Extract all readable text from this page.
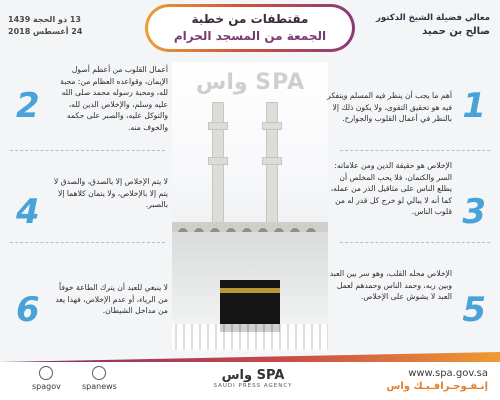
13 ذو الحجة 1439
24 أغسطس 2018
مقتطفات من خطبة
الجمعة من المسجد الحرام
معالي فضيلة الشيخ الدكتور
صالح بن حميد
واس SPA
1
أهم ما يجب أن ينظر فيه المسلم ويتفكر فيه هو تحقيق التقوى، ولا يكون ذلك إلا بالنظر في أعمال القلوب والجوارح.
3
الإخلاص هو حقيقة الدين ومن علاماته: السر والكتمان، فلا يحب المخلص أن يطلع الناس على مثاقيل الذر من عمله، كما أنه لا يبالي لو خرج كل قدر له من قلوب الناس.
5
الإخلاص محله القلب، وهو سر بين العبد وبين ربه، وحمد الناس وحمدهم لعمل العبد لا يشوش على الإخلاص.
2
أعمال القلوب من أعظم أصول الإيمان، وقواعده العظام من: محبة لله، ومحبة رسوله محمد صلى الله عليه وسلم، والإخلاص الدين لله، والتوكل عليه، والصبر على حكمه والخوف منه.
4
لا يتم الإخلاص إلا بالصدق، والصدق لا يتم إلا بالإخلاص، ولا يتمان كلاهما إلا بالصبر.
6
لا ينبغي للعبد أن يترك الطاعة خوفاً من الرياء، أو عدم الإخلاص، فهذا يعد من مداخل الشيطان.
spagov	spanews
واس SPA
SAUDI PRESS AGENCY
www.spa.gov.sa
إنـفـوجـرافـيـك واس
